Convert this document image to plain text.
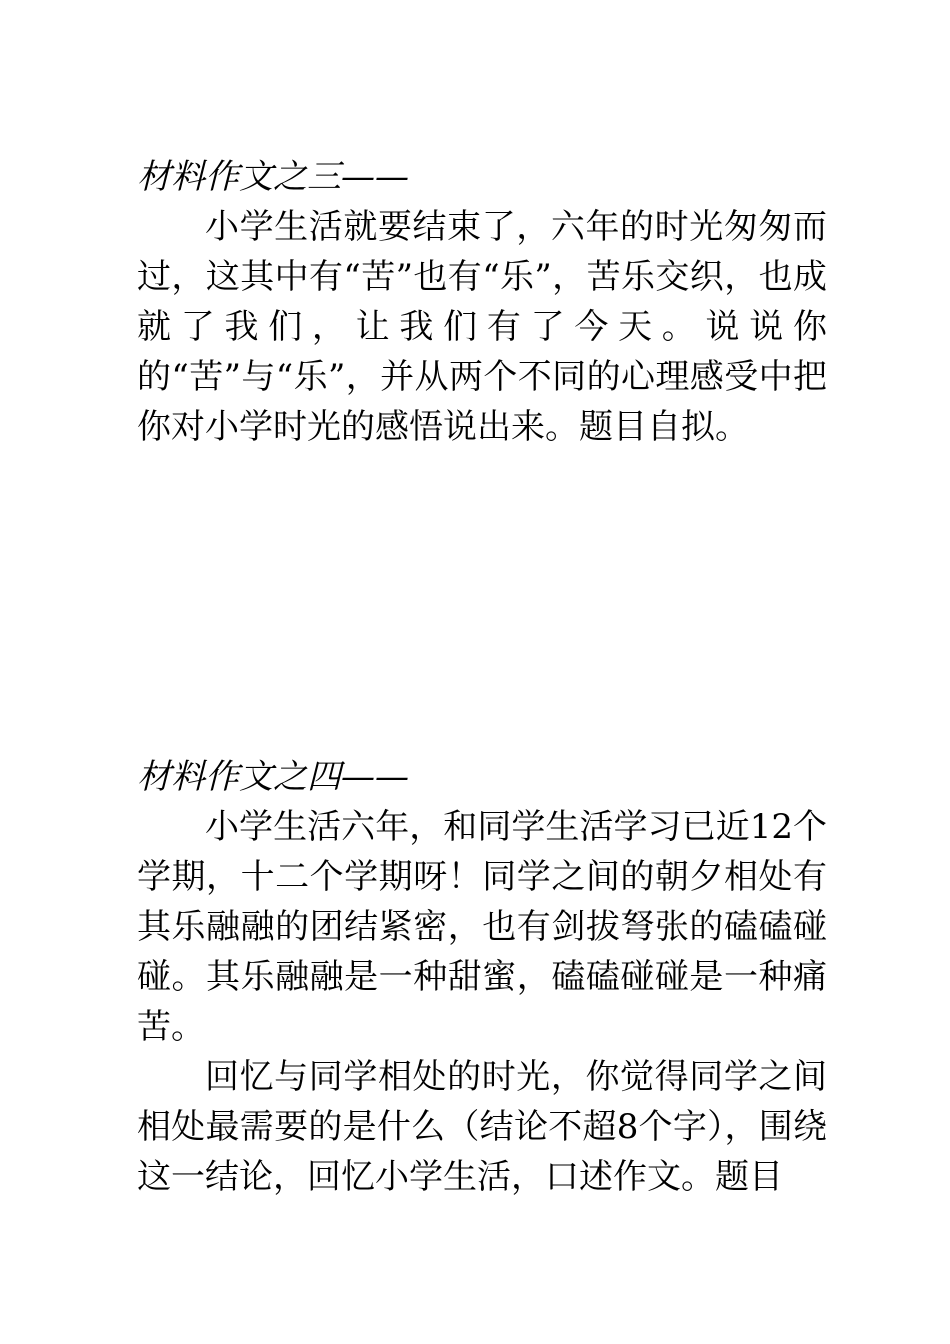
材料作文之三——

小学生活就要结束了，六年的时光匆匆而过，这其中有“苦”也有“乐”，苦乐交织，也成就了我们，让我们有了今天。说说你的“苦”与“乐”，并从两个不同的心理感受中把你对小学时光的感悟说出来。题目自拟。

材料作文之四——

小学生活六年，和同学生活学习已近12个学期，十二个学期呀！同学之间的朝夕相处有其乐融融的团结紧密，也有剑拔弩张的磕磕碰碰。其乐融融是一种甜蜜，磕磕碰碰是一种痛苦。

回忆与同学相处的时光，你觉得同学之间相处最需要的是什么（结论不超8个字），围绕这一结论，回忆小学生活，口述作文。题目
